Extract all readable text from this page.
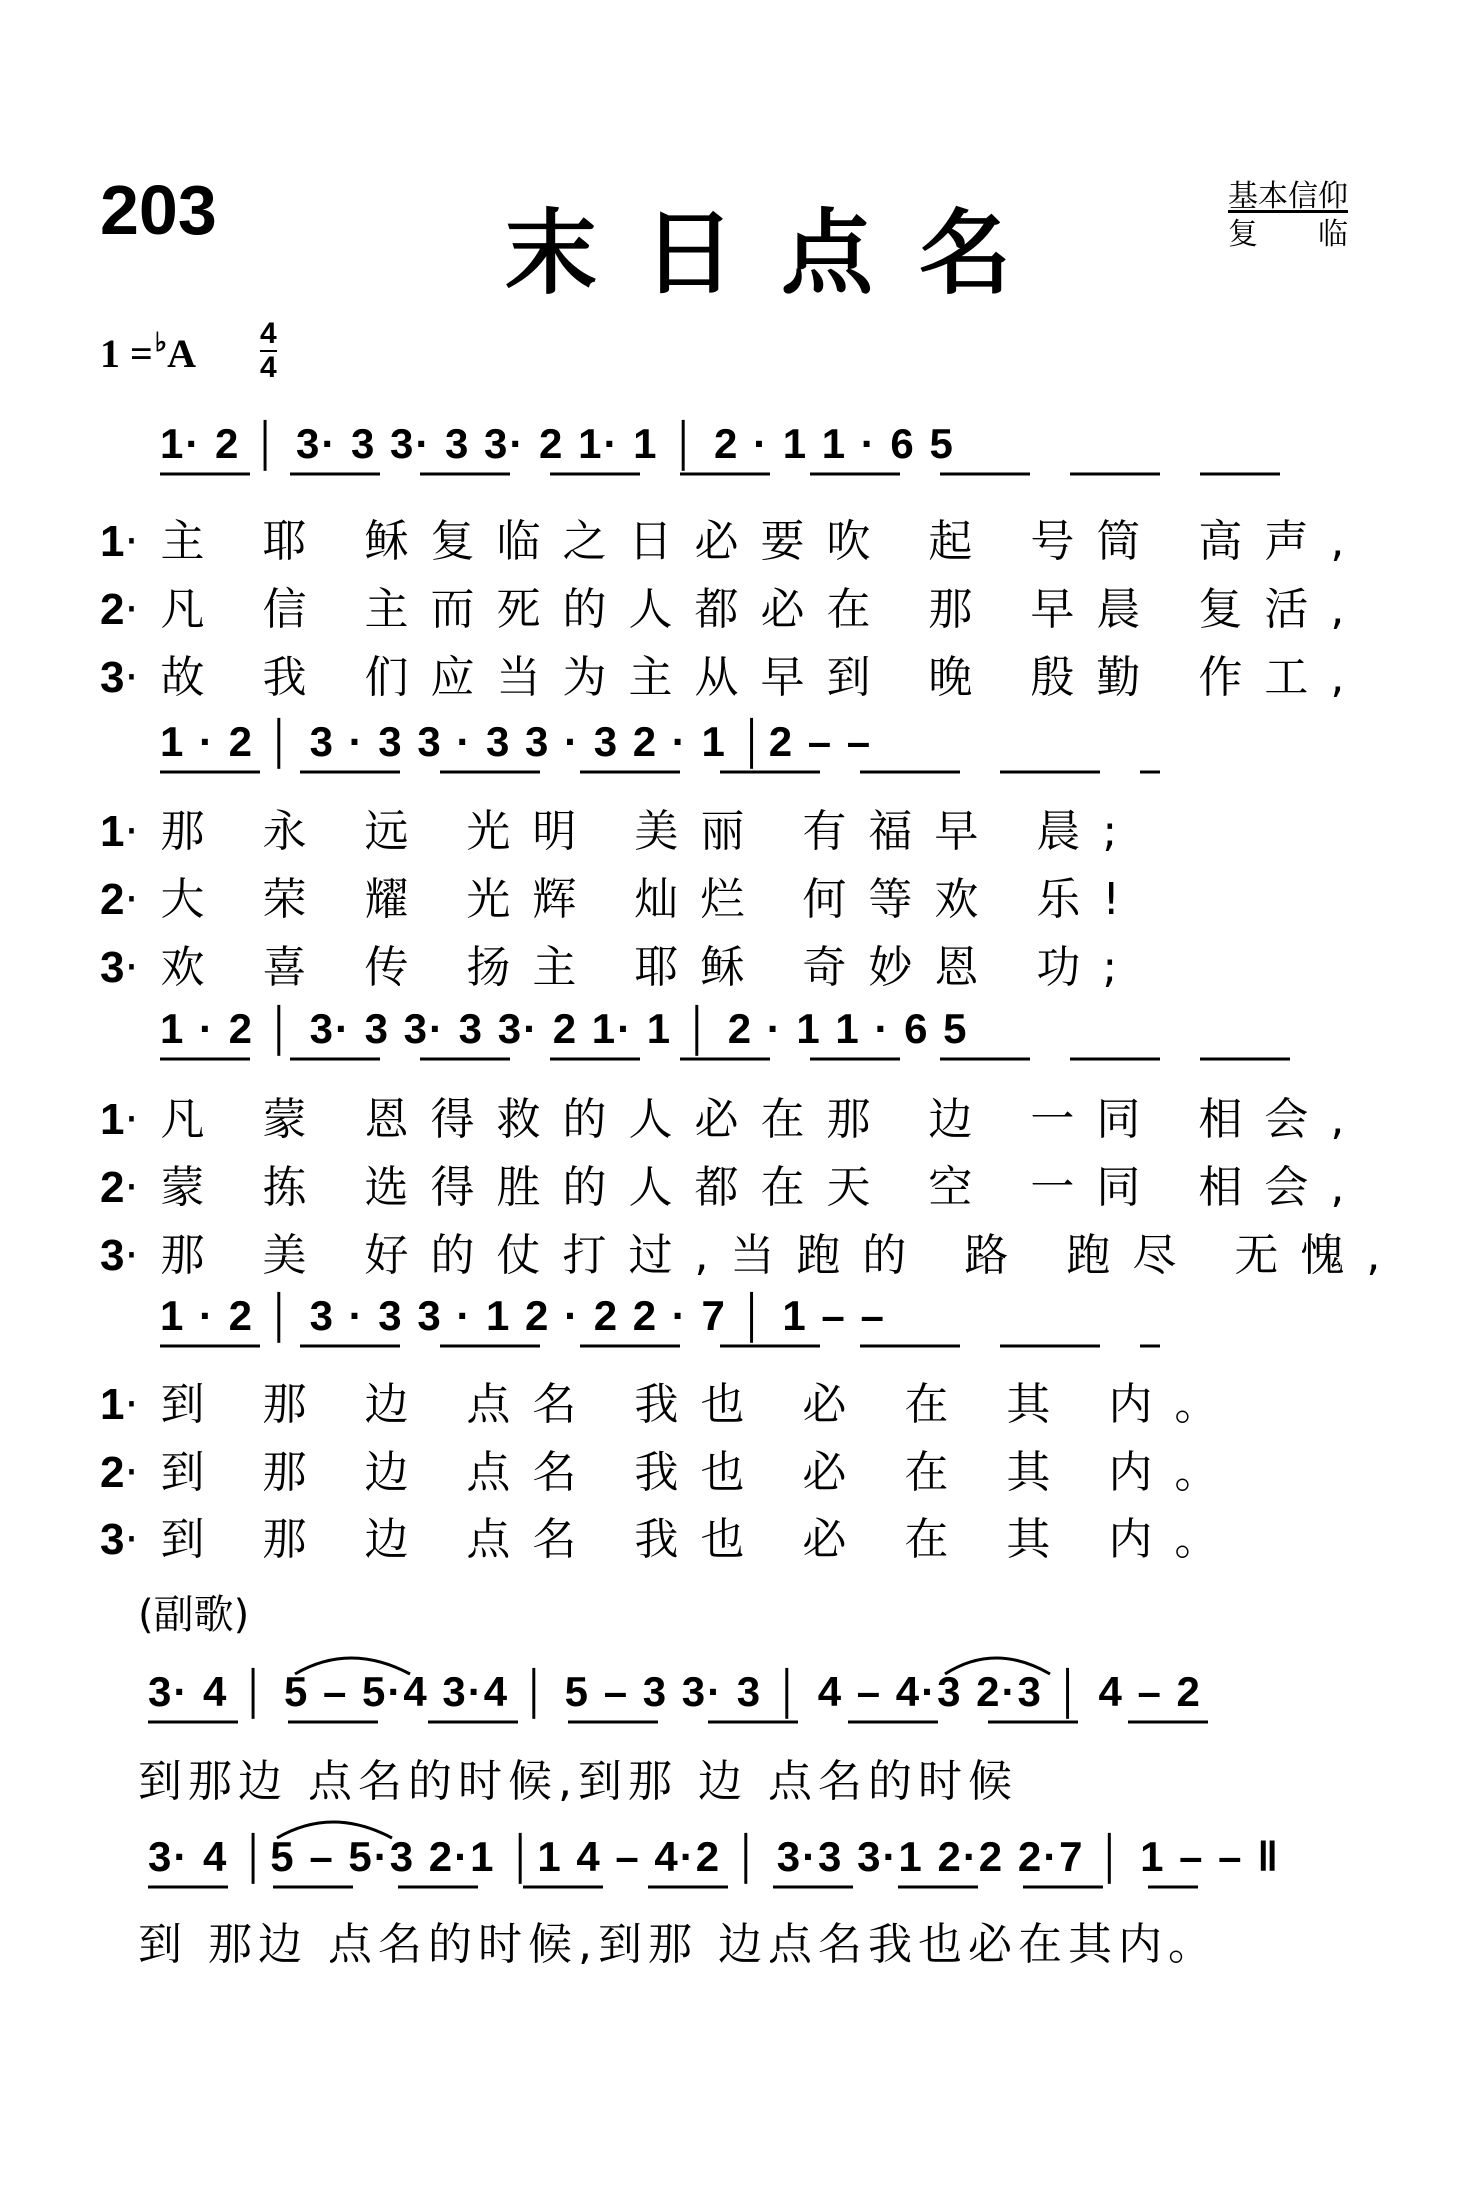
203	末日点名
基本信仰
复临
1 =♭A 4
4
1· 2 │ 3· 3 3· 3 3· 2 1· 1 │ 2 · 1 1 · 6 5
1·主 耶 稣复临之日必要吹 起 号筒 高声,
2·凡 信 主而死的人都必在 那 早晨 复活,
3·故 我 们应当为主从早到 晚 殷勤 作工,
1 · 2 │ 3 · 3 3 · 3 3 · 3 2 · 1 │2 – –
1·那 永 远 光明 美丽 有福早 晨;
2·大 荣 耀 光辉 灿烂 何等欢 乐!
3·欢 喜 传 扬主 耶稣 奇妙恩 功;
1 · 2 │ 3· 3 3· 3 3· 2 1· 1 │ 2 · 1 1 · 6 5
1·凡 蒙 恩得救的人必在那 边 一同 相会,
2·蒙 拣 选得胜的人都在天 空 一同 相会,
3·那 美 好的仗打过,当跑的 路 跑尽 无愧,
1 · 2 │ 3 · 3 3 · 1 2 · 2 2 · 7 │ 1 – –
1·到 那 边 点名 我也 必 在 其 内。
2·到 那 边 点名 我也 必 在 其 内。
3·到 那 边 点名 我也 必 在 其 内。
(副歌)
3· 4 │ 5 – 5·4 3·4 │ 5 – 3 3· 3 │ 4 – 4·3 2·3 │ 4 – 2
到那边 点名的时候,到那 边 点名的时候
3· 4 │5 – 5·3 2·1 │1 4 – 4·2 │ 3·3 3·1 2·2 2·7 │ 1 – – ‖
到 那边 点名的时候,到那 边点名我也必在其内。
